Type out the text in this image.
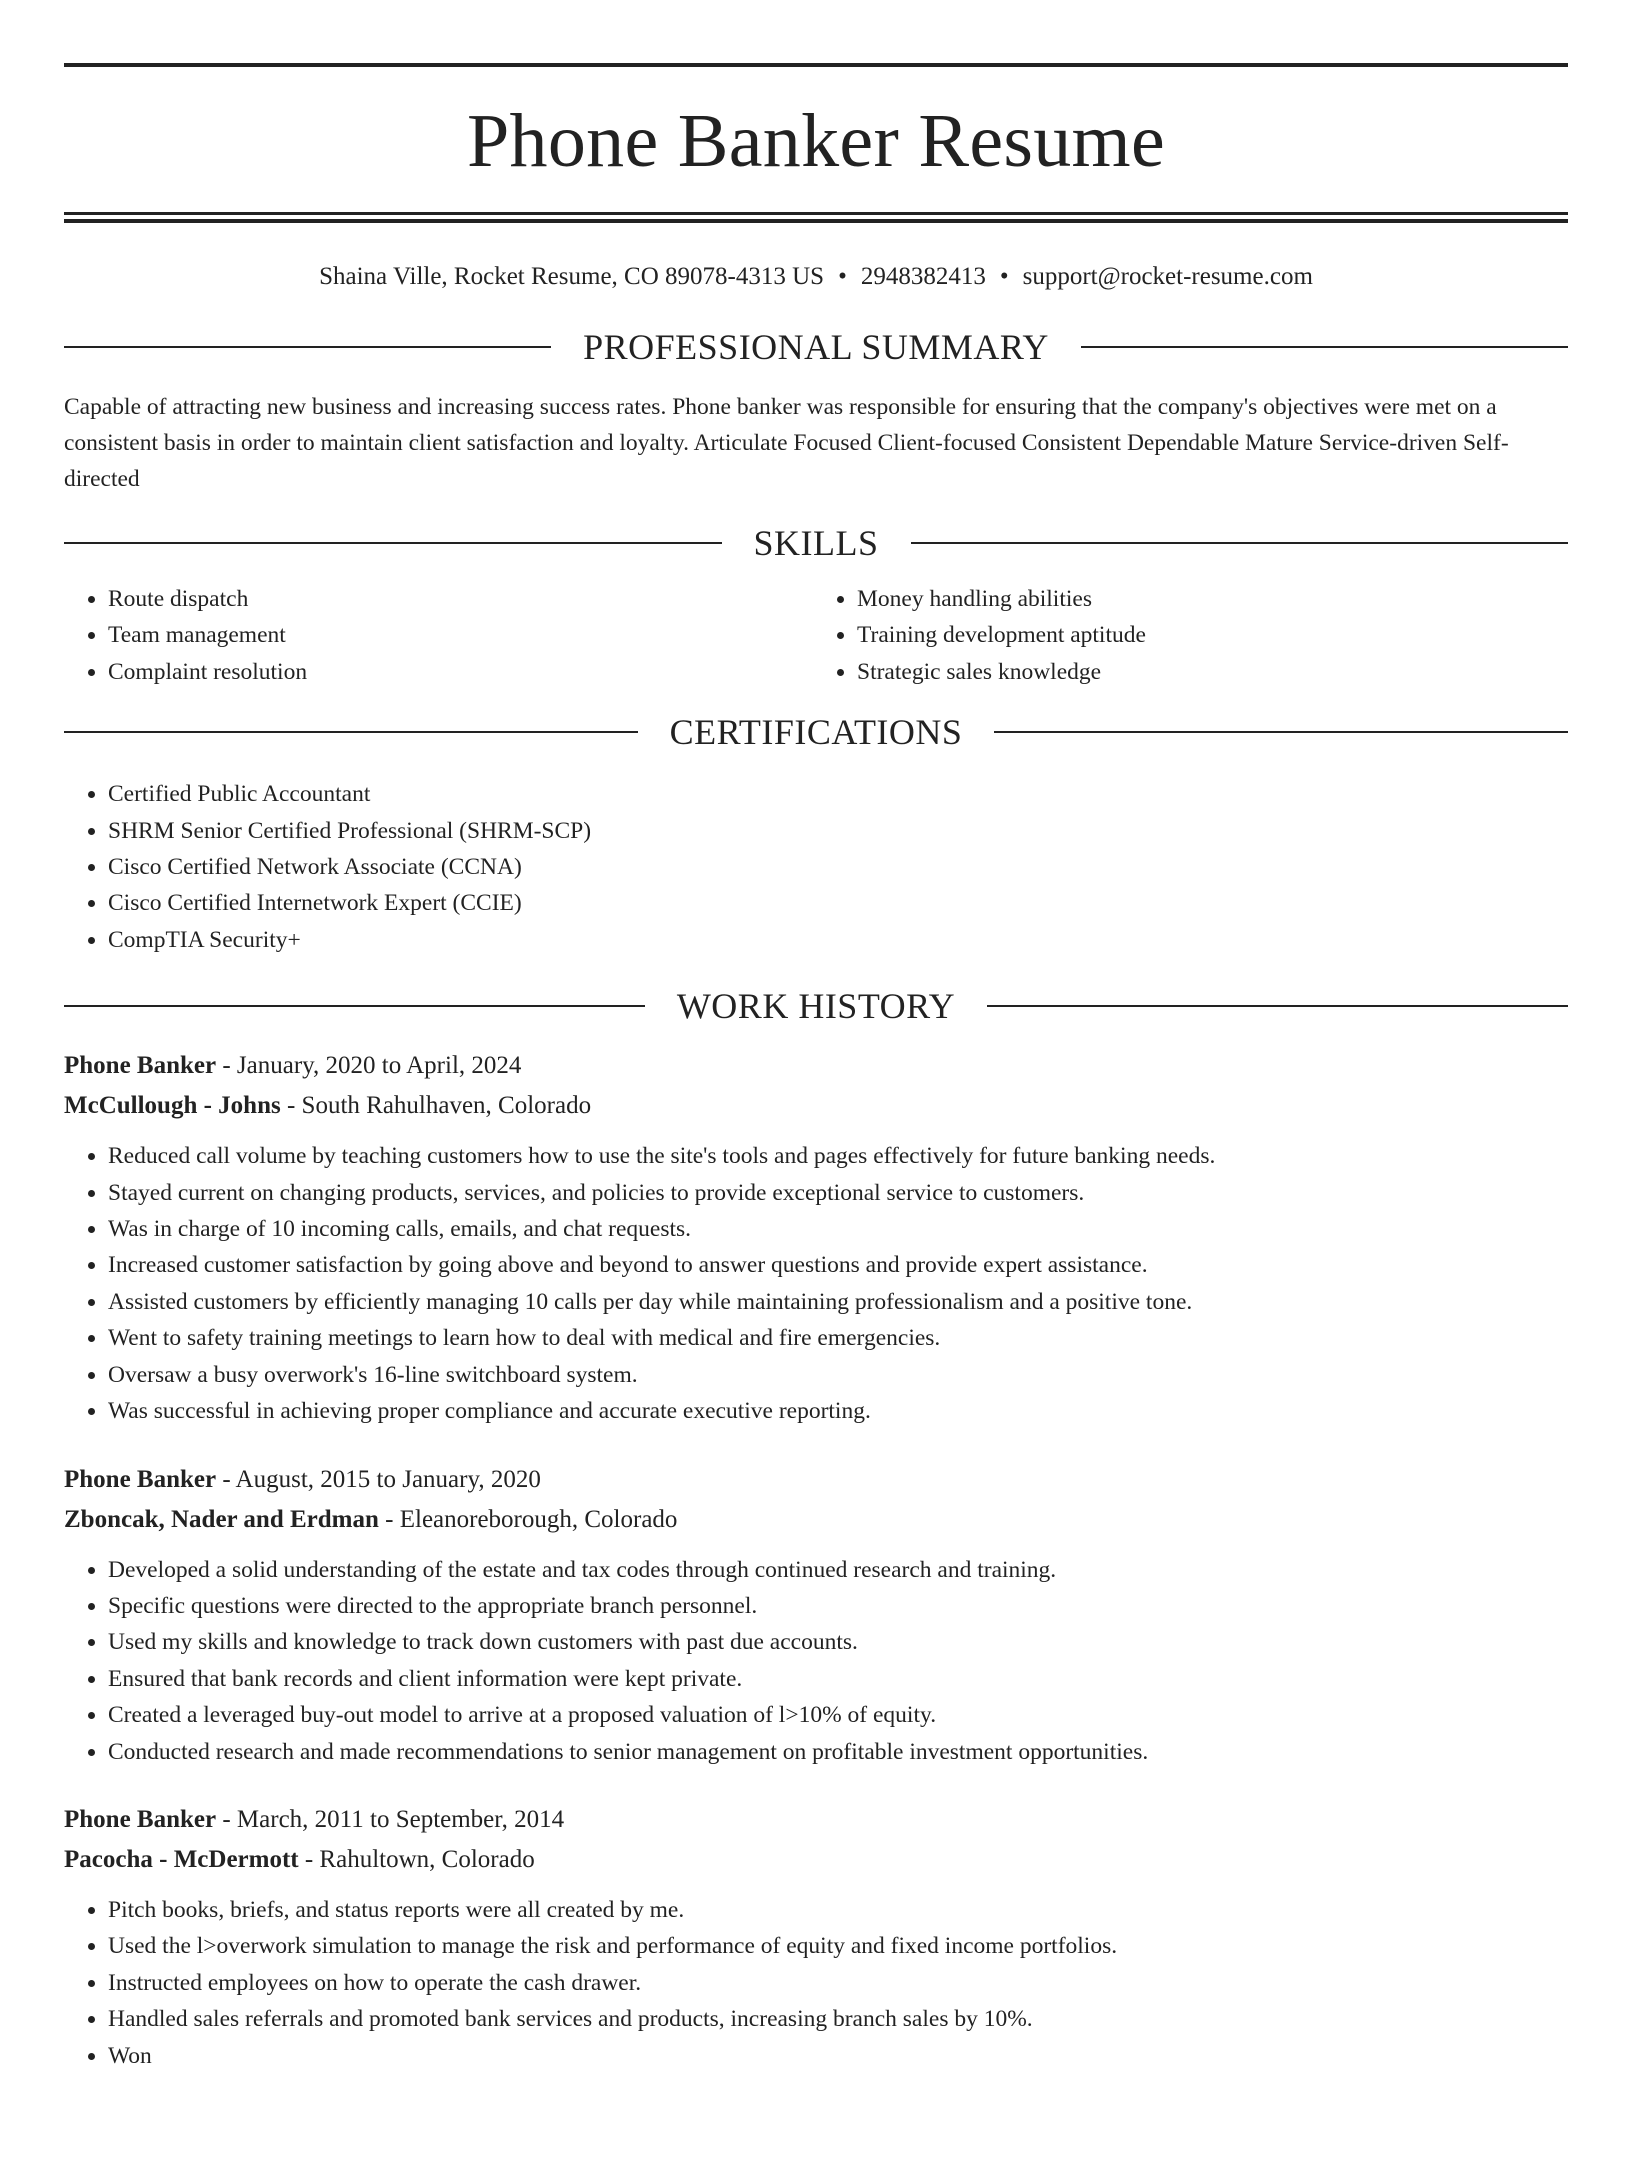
Phone Banker Resume
Shaina Ville, Rocket Resume, CO 89078-4313 US • 2948382413 • support@rocket-resume.com
PROFESSIONAL SUMMARY

Capable of attracting new business and increasing success rates. Phone banker was responsible for ensuring that the company's objectives were met on a consistent basis in order to maintain client satisfaction and loyalty. Articulate Focused Client-focused Consistent Dependable Mature Service-driven Self-directed

SKILLS
• Route dispatch
• Team management
• Complaint resolution
• Money handling abilities
• Training development aptitude
• Strategic sales knowledge
CERTIFICATIONS
• Certified Public Accountant
• SHRM Senior Certified Professional (SHRM-SCP)
• Cisco Certified Network Associate (CCNA)
• Cisco Certified Internetwork Expert (CCIE)
• CompTIA Security+
WORK HISTORY
Phone Banker - January, 2020 to April, 2024
McCullough - Johns - South Rahulhaven, Colorado
• Reduced call volume by teaching customers how to use the site's tools and pages effectively for future banking needs.
• Stayed current on changing products, services, and policies to provide exceptional service to customers.
• Was in charge of 10 incoming calls, emails, and chat requests.
• Increased customer satisfaction by going above and beyond to answer questions and provide expert assistance.
• Assisted customers by efficiently managing 10 calls per day while maintaining professionalism and a positive tone.
• Went to safety training meetings to learn how to deal with medical and fire emergencies.
• Oversaw a busy overwork's 16-line switchboard system.
• Was successful in achieving proper compliance and accurate executive reporting.
Phone Banker - August, 2015 to January, 2020
Zboncak, Nader and Erdman - Eleanoreborough, Colorado
• Developed a solid understanding of the estate and tax codes through continued research and training.
• Specific questions were directed to the appropriate branch personnel.
• Used my skills and knowledge to track down customers with past due accounts.
• Ensured that bank records and client information were kept private.
• Created a leveraged buy-out model to arrive at a proposed valuation of l>10% of equity.
• Conducted research and made recommendations to senior management on profitable investment opportunities.
Phone Banker - March, 2011 to September, 2014
Pacocha - McDermott - Rahultown, Colorado
• Pitch books, briefs, and status reports were all created by me.
• Used the l>overwork simulation to manage the risk and performance of equity and fixed income portfolios.
• Instructed employees on how to operate the cash drawer.
• Handled sales referrals and promoted bank services and products, increasing branch sales by 10%.
• Won
